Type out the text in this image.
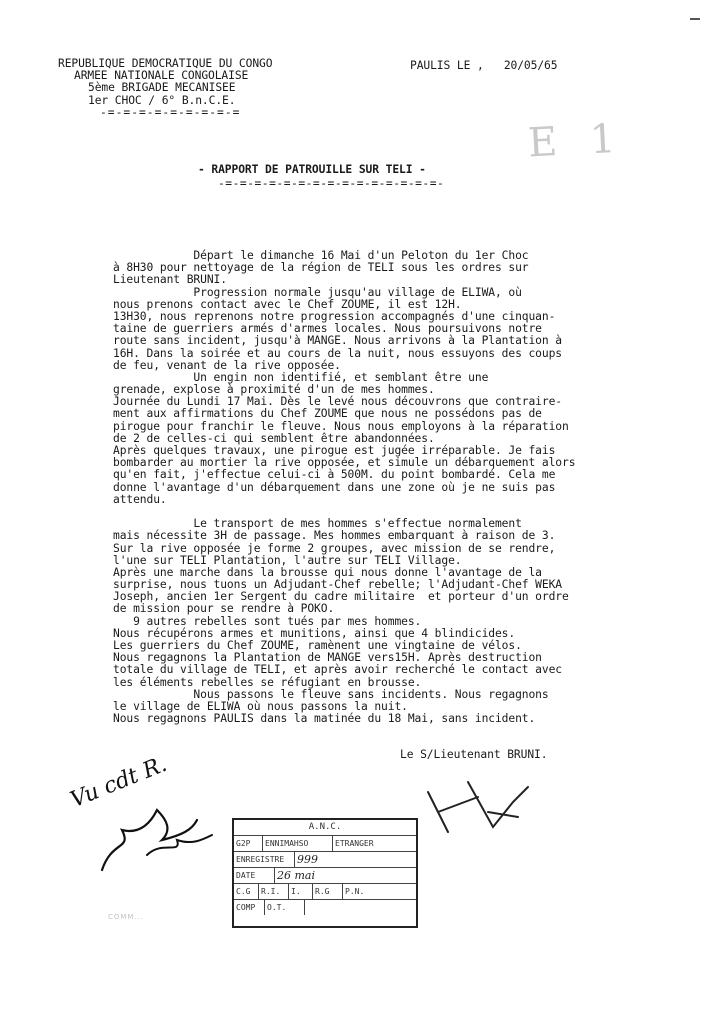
REPUBLIQUE DEMOCRATIQUE DU CONGO
ARMEE NATIONALE CONGOLAISE
5ème BRIGADE MECANISEE
1er CHOC / 6° B.n.C.E.
-=-=-=-=-=-=-=-=-=
PAULIS LE ,   20/05/65
E 1
- RAPPORT DE PATROUILLE SUR TELI -
-=-=-=-=-=-=-=-=-=-=-=-=-=-=-=-
Départ le dimanche 16 Mai d'un Peloton du 1er Choc
à 8H30 pour nettoyage de la région de TELI sous les ordres sur
Lieutenant BRUNI.
Progression normale jusqu'au village de ELIWA, où
nous prenons contact avec le Chef ZOUME, il est 12H.
13H30, nous reprenons notre progression accompagnés d'une cinquan-
taine de guerriers armés d'armes locales. Nous poursuivons notre
route sans incident, jusqu'à MANGE. Nous arrivons à la Plantation à
16H. Dans la soirée et au cours de la nuit, nous essuyons des coups
de feu, venant de la rive opposée.
Un engin non identifié, et semblant être une
grenade, explose à proximité d'un de mes hommes.
Journée du Lundi 17 Mai. Dès le levé nous découvrons que contraire-
ment aux affirmations du Chef ZOUME que nous ne possédons pas de
pirogue pour franchir le fleuve. Nous nous employons à la réparation
de 2 de celles-ci qui semblent être abandonnées.
Après quelques travaux, une pirogue est jugée irréparable. Je fais
bombarder au mortier la rive opposée, et simule un débarquement alors
qu'en fait, j'effectue celui-ci à 500M. du point bombardé. Cela me
donne l'avantage d'un débarquement dans une zone où je ne suis pas
attendu.
Le transport de mes hommes s'effectue normalement
mais nécessite 3H de passage. Mes hommes embarquant à raison de 3.
Sur la rive opposée je forme 2 groupes, avec mission de se rendre,
l'une sur TELI Plantation, l'autre sur TELI Village.
Après une marche dans la brousse qui nous donne l'avantage de la
surprise, nous tuons un Adjudant-Chef rebelle; l'Adjudant-Chef WEKA
Joseph, ancien 1er Sergent du cadre militaire  et porteur d'un ordre
de mission pour se rendre à POKO.
9 autres rebelles sont tués par mes hommes.
Nous récupérons armes et munitions, ainsi que 4 blindicides.
Les guerriers du Chef ZOUME, ramènent une vingtaine de vélos.
Nous regagnons la Plantation de MANGE vers15H. Après destruction
totale du village de TELI, et après avoir recherché le contact avec
les éléments rebelles se réfugiant en brousse.
Nous passons le fleuve sans incidents. Nous regagnons
le village de ELIWA où nous passons la nuit.
Nous regagnons PAULIS dans la matinée du 18 Mai, sans incident.
Le S/Lieutenant BRUNI.
Vu cdt R.
A.N.C.
G2P	ENNIMAHSO	ETRANGER
ENREGISTRE	999
DATE	26 mai
C.G	R.I.	I.	R.G	P.N.
COMP	O.T.
COMM...
